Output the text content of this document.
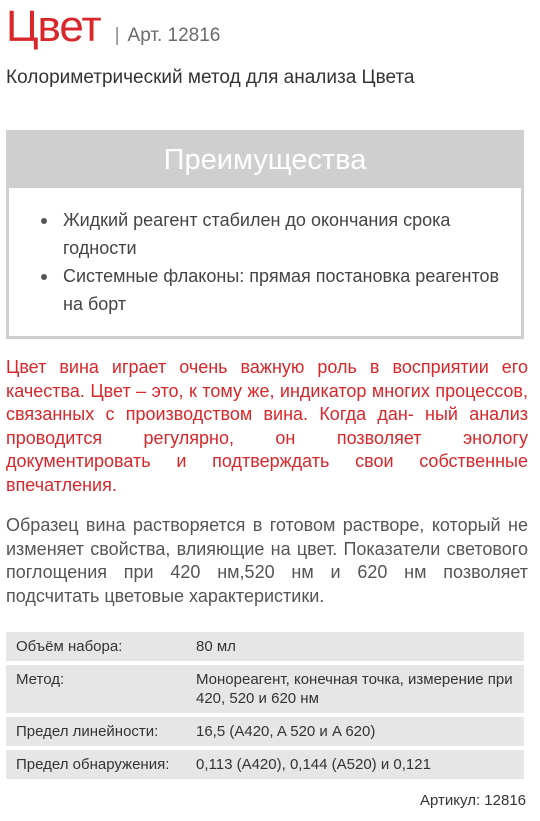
Цвет | Арт. 12816
Колориметрический метод для анализа Цвета
Преимущества
Жидкий реагент стабилен до окончания срока годности
Системные флаконы: прямая постановка реагентов на борт

Цвет вина играет очень важную роль в восприятии его качества. Цвет – это, к тому же, индикатор многих процессов, связанных с производством вина. Когда дан- ный анализ проводится регулярно, он позволяет энологу документировать и подтверждать свои собственные впечатления.

Образец вина растворяется в готовом растворе, который не изменяет свойства, влияющие на цвет. Показатели светового поглощения при 420 нм,520 нм и 620 нм позволяет подсчитать цветовые характеристики.

Объём набора:	80 мл
Метод:	Монореагент, конечная точка, измерение при 420, 520 и 620 нм
Предел линейности:	16,5 (A420, A 520 и A 620)
Предел обнаружения:	0,113 (A420), 0,144 (A520) и 0,121
Артикул: 12816
